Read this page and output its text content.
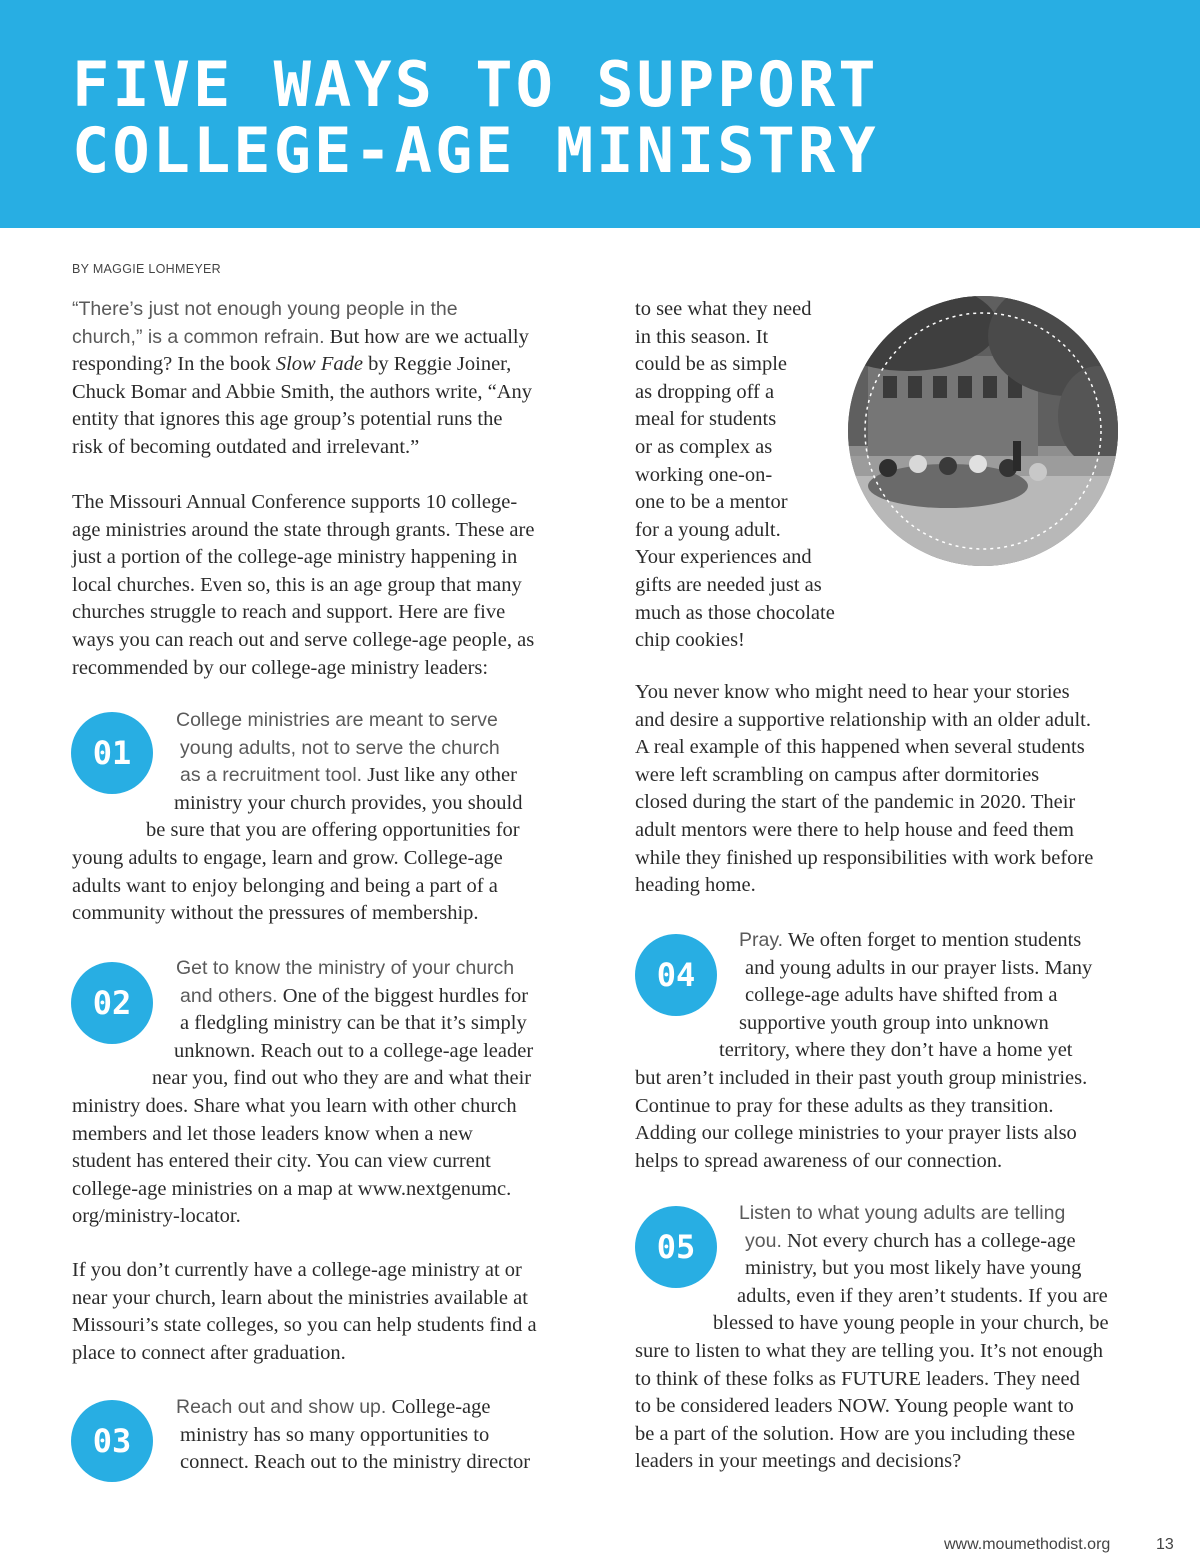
FIVE WAYS TO SUPPORT
COLLEGE-AGE MINISTRY
BY MAGGIE LOHMEYER
“There’s just not enough young people in the
church,” is a common refrain. But how are we actually
responding? In the book Slow Fade by Reggie Joiner,
Chuck Bomar and Abbie Smith, the authors write, “Any
entity that ignores this age group’s potential runs the
risk of becoming outdated and irrelevant.”
The Missouri Annual Conference supports 10 college-
age ministries around the state through grants. These are
just a portion of the college-age ministry happening in
local churches. Even so, this is an age group that many
churches struggle to reach and support. Here are five
ways you can reach out and serve college-age people, as
recommended by our college-age ministry leaders:
01
College ministries are meant to serve
young adults, not to serve the church
as a recruitment tool. Just like any other
ministry your church provides, you should
be sure that you are offering opportunities for
young adults to engage, learn and grow. College-age
adults want to enjoy belonging and being a part of a
community without the pressures of membership.
02
Get to know the ministry of your church
and others. One of the biggest hurdles for
a fledgling ministry can be that it’s simply
unknown. Reach out to a college-age leader
near you, find out who they are and what their
ministry does. Share what you learn with other church
members and let those leaders know when a new
student has entered their city. You can view current
college-age ministries on a map at www.nextgenumc.
org/ministry-locator.
If you don’t currently have a college-age ministry at or
near your church, learn about the ministries available at
Missouri’s state colleges, so you can help students find a
place to connect after graduation.
03
Reach out and show up. College-age
ministry has so many opportunities to
connect. Reach out to the ministry director
to see what they need
in this season. It
could be as simple
as dropping off a
meal for students
or as complex as
working one-on-
one to be a mentor
for a young adult.
Your experiences and
gifts are needed just as
much as those chocolate
chip cookies!
You never know who might need to hear your stories
and desire a supportive relationship with an older adult.
A real example of this happened when several students
were left scrambling on campus after dormitories
closed during the start of the pandemic in 2020. Their
adult mentors were there to help house and feed them
while they finished up responsibilities with work before
heading home.
04
Pray. We often forget to mention students
and young adults in our prayer lists. Many
college-age adults have shifted from a
supportive youth group into unknown
territory, where they don’t have a home yet
but aren’t included in their past youth group ministries.
Continue to pray for these adults as they transition.
Adding our college ministries to your prayer lists also
helps to spread awareness of our connection.
05
Listen to what young adults are telling
you. Not every church has a college-age
ministry, but you most likely have young
adults, even if they aren’t students. If you are
blessed to have young people in your church, be
sure to listen to what they are telling you. It’s not enough
to think of these folks as FUTURE leaders. They need
to be considered leaders NOW. Young people want to
be a part of the solution. How are you including these
leaders in your meetings and decisions?
www.moumethodist.org	13
